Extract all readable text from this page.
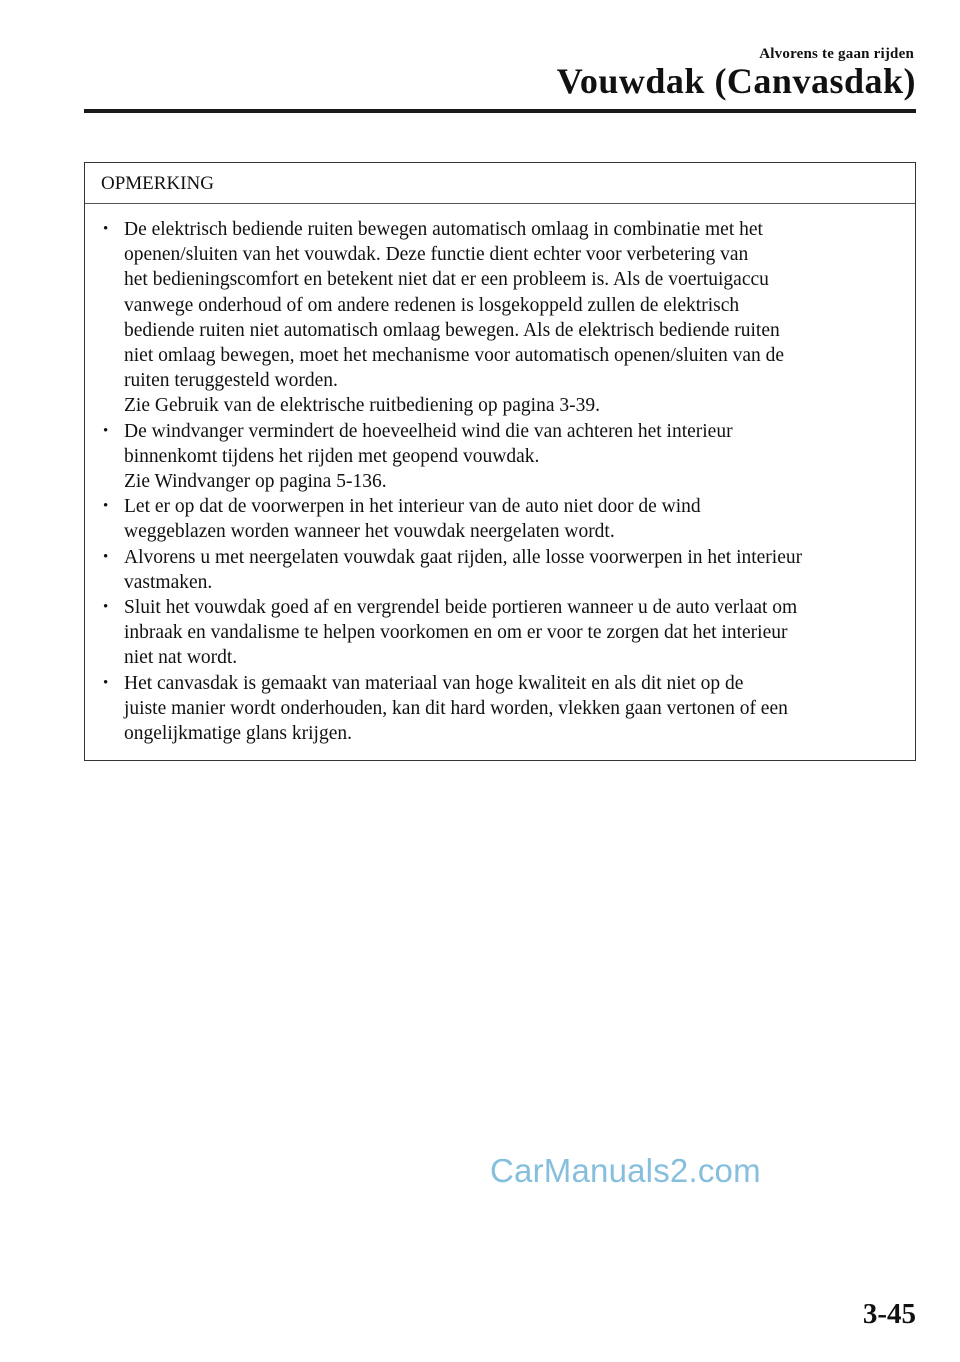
Alvorens te gaan rijden
Vouwdak (Canvasdak)
OPMERKING
• De elektrisch bediende ruiten bewegen automatisch omlaag in combinatie met het
openen/sluiten van het vouwdak. Deze functie dient echter voor verbetering van
het bedieningscomfort en betekent niet dat er een probleem is. Als de voertuigaccu
vanwege onderhoud of om andere redenen is losgekoppeld zullen de elektrisch
bediende ruiten niet automatisch omlaag bewegen. Als de elektrisch bediende ruiten
niet omlaag bewegen, moet het mechanisme voor automatisch openen/sluiten van de
ruiten teruggesteld worden.
Zie Gebruik van de elektrische ruitbediening op pagina 3-39.
• De windvanger vermindert de hoeveelheid wind die van achteren het interieur
binnenkomt tijdens het rijden met geopend vouwdak.
Zie Windvanger op pagina 5-136.
• Let er op dat de voorwerpen in het interieur van de auto niet door de wind
weggeblazen worden wanneer het vouwdak neergelaten wordt.
• Alvorens u met neergelaten vouwdak gaat rijden, alle losse voorwerpen in het interieur
vastmaken.
• Sluit het vouwdak goed af en vergrendel beide portieren wanneer u de auto verlaat om
inbraak en vandalisme te helpen voorkomen en om er voor te zorgen dat het interieur
niet nat wordt.
• Het canvasdak is gemaakt van materiaal van hoge kwaliteit en als dit niet op de
juiste manier wordt onderhouden, kan dit hard worden, vlekken gaan vertonen of een
ongelijkmatige glans krijgen.
CarManuals2.com
3-45
